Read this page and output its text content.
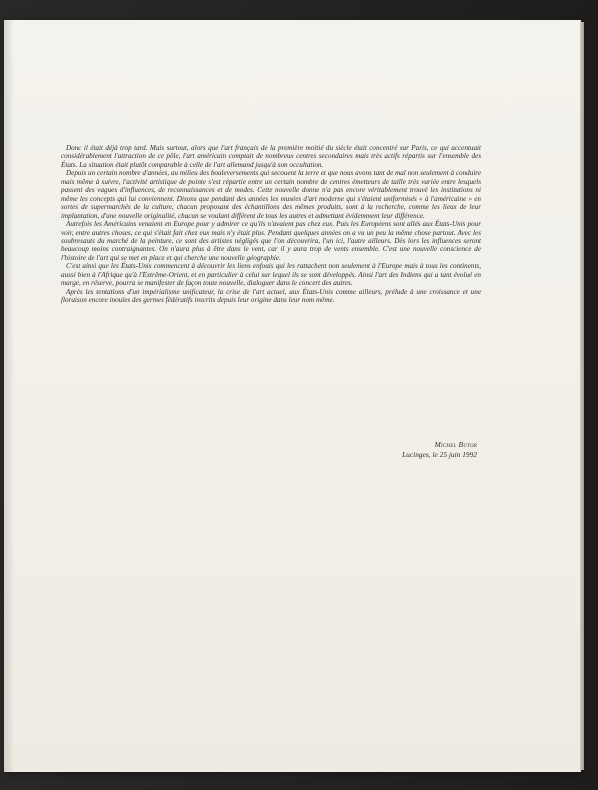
Donc il était déjà trop tard. Mais surtout, alors que l'art français de la première moitié du siècle était concentré sur Paris, ce qui accentuait considérablement l'attraction de ce pôle, l'art américain comptait de nombreux centres secondaires mais très actifs répartis sur l'ensemble des États. La situation était plutôt comparable à celle de l'art allemand jusqu'à son occultation.

Depuis un certain nombre d'années, au milieu des bouleversements qui secouent la terre et que nous avons tant de mal non seulement à conduire mais même à suivre, l'activité artistique de pointe s'est répartie entre un certain nombre de centres émetteurs de taille très variée entre lesquels passent des vagues d'influences, de reconnaissances et de modes. Cette nouvelle donne n'a pas encore véritablement trouvé les institutions ni même les concepts qui lui conviennent. Disons que pendant des années les musées d'art moderne qui s'étaient uniformisés « à l'américaine » en sortes de supermarchés de la culture, chacun proposant des échantillons des mêmes produits, sont à la recherche, comme les lieux de leur implantation, d'une nouvelle originalité, chacun se voulant différent de tous les autres et admettant évidemment leur différence.

Autrefois les Américains venaient en Europe pour y admirer ce qu'ils n'avaient pas chez eux. Puis les Européens sont allés aux États-Unis pour voir, entre autres choses, ce qui s'était fait chez eux mais n'y était plus. Pendant quelques années on a vu un peu la même chose partout. Avec les soubresauts du marché de la peinture, ce sont des artistes négligés que l'on découvrira, l'un ici, l'autre ailleurs. Dès lors les influences seront beaucoup moins contraignantes. On n'aura plus à être dans le vent, car il y aura trop de vents ensemble. C'est une nouvelle conscience de l'histoire de l'art qui se met en place et qui cherche une nouvelle géographie.

C'est ainsi que les États-Unis commencent à découvrir les liens enfouis qui les rattachent non seulement à l'Europe mais à tous les continents, aussi bien à l'Afrique qu'à l'Extrême-Orient, et en particulier à celui sur lequel ils se sont développés. Ainsi l'art des Indiens qui a tant évolué en marge, en réserve, pourra se manifester de façon toute nouvelle, dialoguer dans le concert des autres.

Après les tentations d'un impérialisme unificateur, la crise de l'art actuel, aux États-Unis comme ailleurs, prélude à une croissance et une floraison encore inouïes des germes fédératifs inscrits depuis leur origine dans leur nom même.

Michel Butor
Lucinges, le 25 juin 1992
